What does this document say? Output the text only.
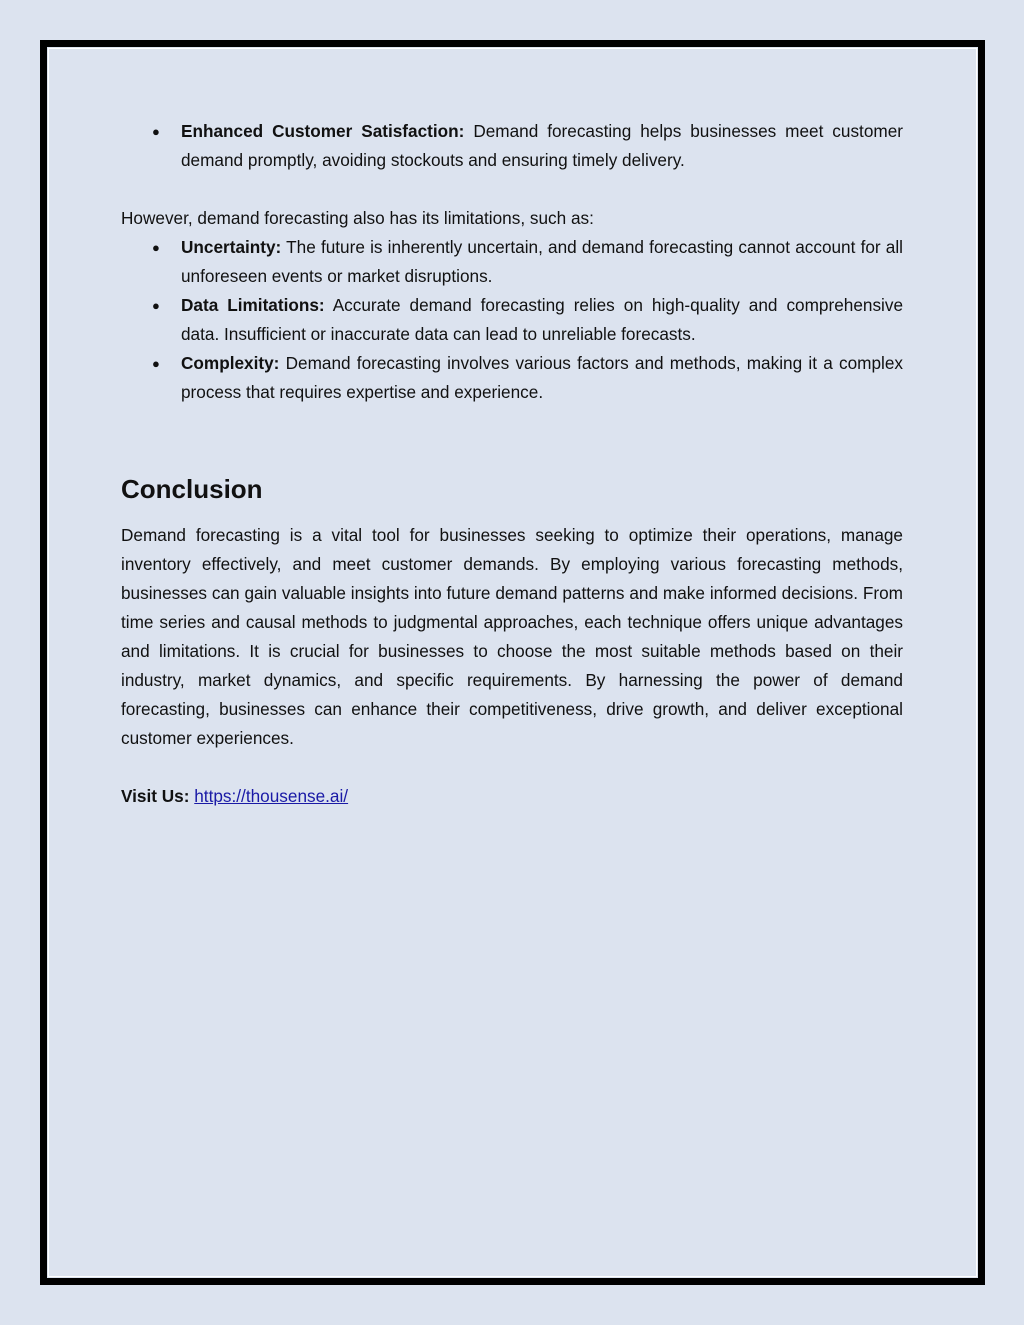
● Enhanced Customer Satisfaction: Demand forecasting helps businesses meet customer demand promptly, avoiding stockouts and ensuring timely delivery.

However, demand forecasting also has its limitations, such as:

● Uncertainty: The future is inherently uncertain, and demand forecasting cannot account for all unforeseen events or market disruptions.
● Data Limitations: Accurate demand forecasting relies on high-quality and comprehensive data. Insufficient or inaccurate data can lead to unreliable forecasts.
● Complexity: Demand forecasting involves various factors and methods, making it a complex process that requires expertise and experience.
Conclusion

Demand forecasting is a vital tool for businesses seeking to optimize their operations, manage inventory effectively, and meet customer demands. By employing various forecasting methods, businesses can gain valuable insights into future demand patterns and make informed decisions. From time series and causal methods to judgmental approaches, each technique offers unique advantages and limitations. It is crucial for businesses to choose the most suitable methods based on their industry, market dynamics, and specific requirements. By harnessing the power of demand forecasting, businesses can enhance their competitiveness, drive growth, and deliver exceptional customer experiences.

Visit Us: https://thousense.ai/
